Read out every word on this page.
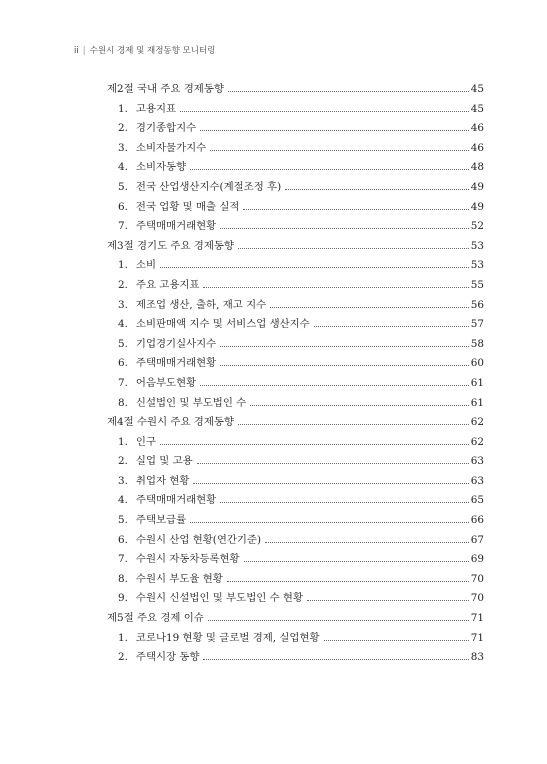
ii | 수원시 경제 및 재정동향 모니터링
제2절 국내 주요 경제동향	45
1. 고용지표	45
2. 경기종합지수	46
3. 소비자물가지수	46
4. 소비자동향	48
5. 전국 산업생산지수(계절조정 후)	49
6. 전국 업황 및 매출 실적	49
7. 주택매매거래현황	52
제3절 경기도 주요 경제동향	53
1. 소비	53
2. 주요 고용지표	55
3. 제조업 생산, 출하, 재고 지수	56
4. 소비판매액 지수 및 서비스업 생산지수	57
5. 기업경기실사지수	58
6. 주택매매거래현황	60
7. 어음부도현황	61
8. 신설법인 및 부도법인 수	61
제4절 수원시 주요 경제동향	62
1. 인구	62
2. 실업 및 고용	63
3. 취업자 현황	63
4. 주택매매거래현황	65
5. 주택보급률	66
6. 수원시 산업 현황(연간기준)	67
7. 수원시 자동차등록현황	69
8. 수원시 부도율 현황	70
9. 수원시 신설법인 및 부도법인 수 현황	70
제5절 주요 경제 이슈	71
1. 코로나19 현황 및 글로벌 경제, 실업현황	71
2. 주택시장 동향	83
